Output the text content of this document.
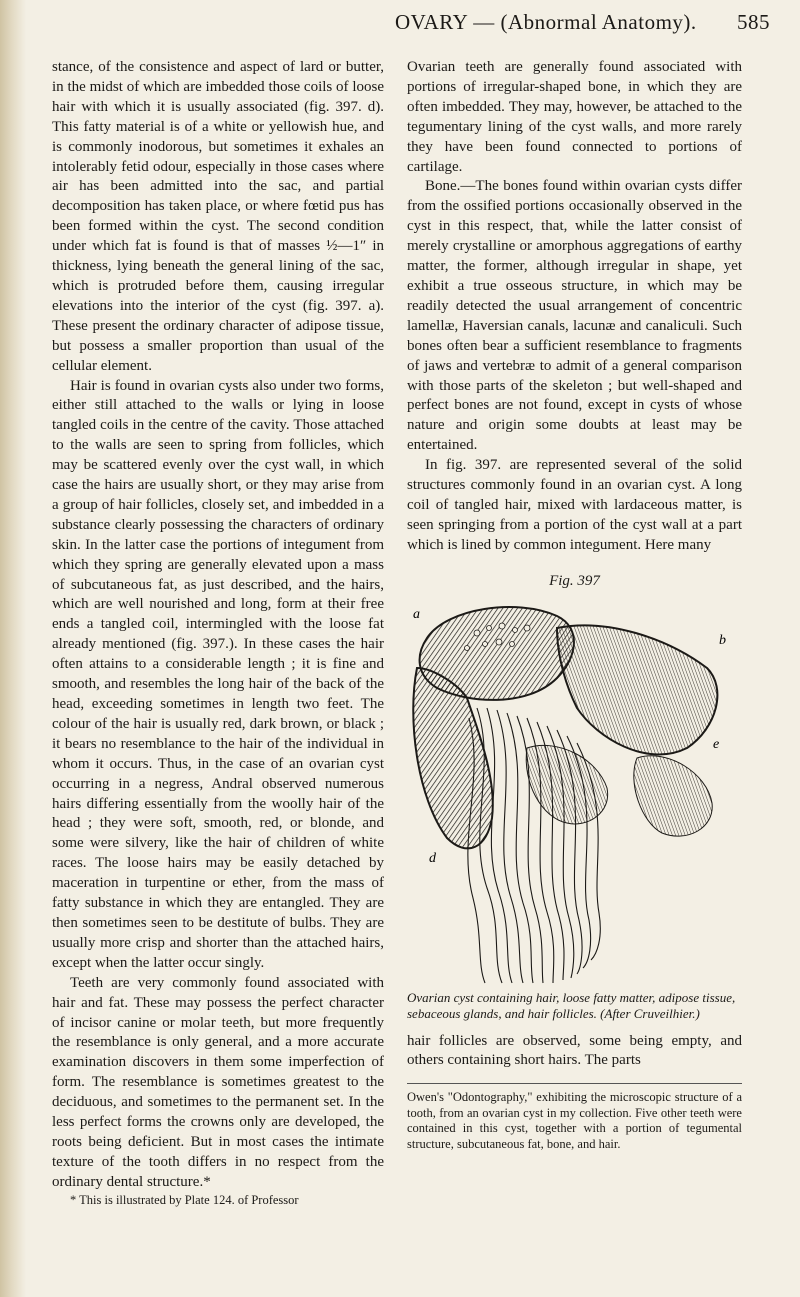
OVARY — (Abnormal Anatomy). 585

stance, of the consistence and aspect of lard or butter, in the midst of which are imbedded those coils of loose hair with which it is usually associated (fig. 397. d). This fatty material is of a white or yellowish hue, and is commonly inodorous, but sometimes it exhales an intolerably fetid odour, especially in those cases where air has been admitted into the sac, and partial decomposition has taken place, or where fœtid pus has been formed within the cyst. The second condition under which fat is found is that of masses ½—1″ in thickness, lying beneath the general lining of the sac, which is protruded before them, causing irregular elevations into the interior of the cyst (fig. 397. a). These present the ordinary character of adipose tissue, but possess a smaller proportion than usual of the cellular element.

Hair is found in ovarian cysts also under two forms, either still attached to the walls or lying in loose tangled coils in the centre of the cavity. Those attached to the walls are seen to spring from follicles, which may be scattered evenly over the cyst wall, in which case the hairs are usually short, or they may arise from a group of hair follicles, closely set, and imbedded in a substance clearly possessing the characters of ordinary skin. In the latter case the portions of integument from which they spring are generally elevated upon a mass of subcutaneous fat, as just described, and the hairs, which are well nourished and long, form at their free ends a tangled coil, intermingled with the loose fat already mentioned (fig. 397.). In these cases the hair often attains to a considerable length ; it is fine and smooth, and resembles the long hair of the back of the head, exceeding sometimes in length two feet. The colour of the hair is usually red, dark brown, or black ; it bears no resemblance to the hair of the individual in whom it occurs. Thus, in the case of an ovarian cyst occurring in a negress, Andral observed numerous hairs differing essentially from the woolly hair of the head ; they were soft, smooth, red, or blonde, and some were silvery, like the hair of children of white races. The loose hairs may be easily detached by maceration in turpentine or ether, from the mass of fatty substance in which they are entangled. They are then sometimes seen to be destitute of bulbs. They are usually more crisp and shorter than the attached hairs, except when the latter occur singly.

Teeth are very commonly found associated with hair and fat. These may possess the perfect character of incisor canine or molar teeth, but more frequently the resemblance is only general, and a more accurate examination discovers in them some imperfection of form. The resemblance is sometimes greatest to the deciduous, and sometimes to the permanent set. In the less perfect forms the crowns only are developed, the roots being deficient. But in most cases the intimate texture of the tooth differs in no respect from the ordinary dental structure.*

* This is illustrated by Plate 124. of Professor

Ovarian teeth are generally found associated with portions of irregular-shaped bone, in which they are often imbedded. They may, however, be attached to the tegumentary lining of the cyst walls, and more rarely they have been found connected to portions of cartilage.

Bone.—The bones found within ovarian cysts differ from the ossified portions occasionally observed in the cyst in this respect, that, while the latter consist of merely crystalline or amorphous aggregations of earthy matter, the former, although irregular in shape, yet exhibit a true osseous structure, in which may be readily detected the usual arrangement of concentric lamellæ, Haversian canals, lacunæ and canaliculi. Such bones often bear a sufficient resemblance to fragments of jaws and vertebræ to admit of a general comparison with those parts of the skeleton ; but well-shaped and perfect bones are not found, except in cysts of whose nature and origin some doubts at least may be entertained.

In fig. 397. are represented several of the solid structures commonly found in an ovarian cyst. A long coil of tangled hair, mixed with lardaceous matter, is seen springing from a portion of the cyst wall at a part which is lined by common integument. Here many

Fig. 397
a
b
e
d
Ovarian cyst containing hair, loose fatty matter, adipose tissue, sebaceous glands, and hair follicles. (After Cruveilhier.)

hair follicles are observed, some being empty, and others containing short hairs. The parts

Owen's "Odontography," exhibiting the microscopic structure of a tooth, from an ovarian cyst in my collection. Five other teeth were contained in this cyst, together with a portion of tegumental structure, subcutaneous fat, bone, and hair.
